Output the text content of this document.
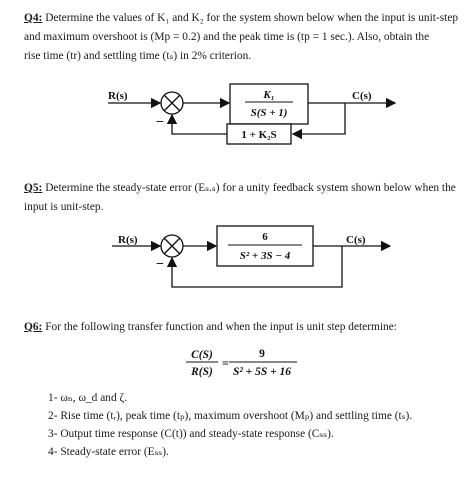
Q4: Determine the values of K₁ and K₂ for the system shown below when the input is unit-step
and maximum overshoot is (Mp = 0.2) and the peak time is (tp = 1 sec.). Also, obtain the
rise time (tr) and settling time (tₛ) in 2% criterion.
R(s)
−
K₁
S(S + 1)
C(s)
1 + K₂S
Q5: Determine the steady-state error (Eₛ.ₛ) for a unity feedback system shown below when the
input is unit-step.
R(s)
−
6
S² + 3S − 4
C(s)
Q6: For the following transfer function and when the input is unit step determine:
C(S)
R(S)
=
9
S² + 5S + 16
1- ωₙ, ω_d and ζ.
2- Rise time (tᵣ), peak time (tₚ), maximum overshoot (Mₚ) and settling time (tₛ).
3- Output time response (C(t)) and steady-state response (Cₛₛ).
4- Steady-state error (Eₛₛ).
